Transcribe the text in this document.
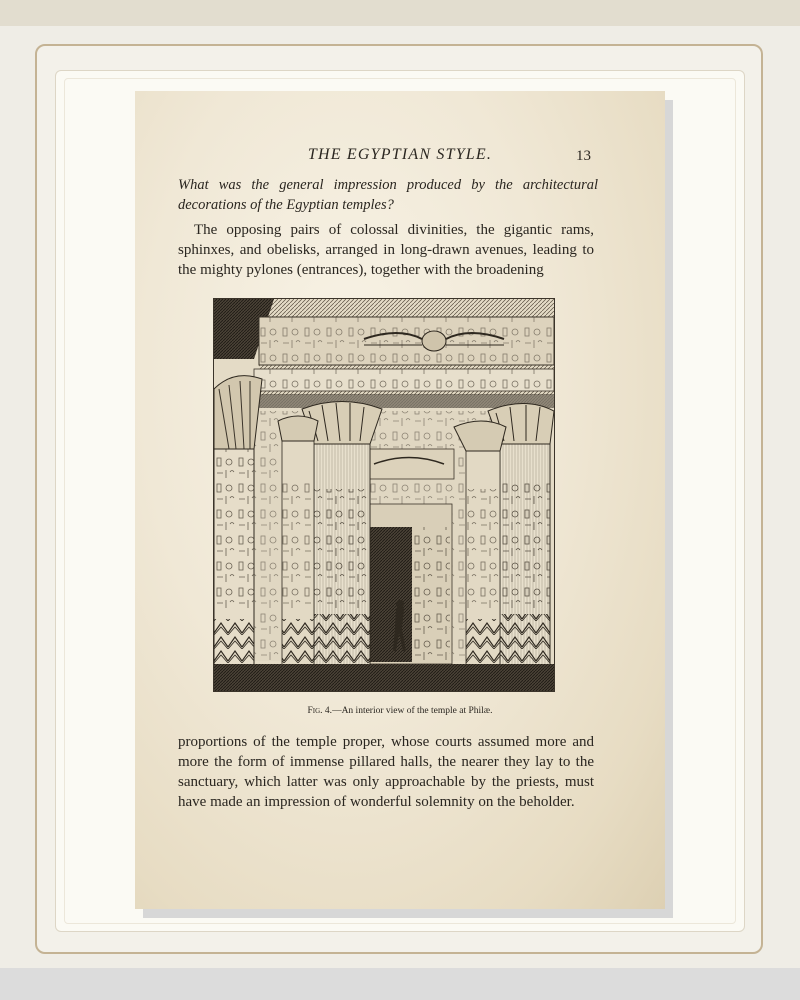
THE EGYPTIAN STYLE.	13
What was the general impression produced by the architectural decorations of the Egyptian temples?
The opposing pairs of colossal divinities, the gigantic rams, sphinxes, and obelisks, arranged in long-drawn avenues, leading to the mighty pylones (entrances), together with the broadening
Fig. 4.—An interior view of the temple at Philæ.
proportions of the temple proper, whose courts assumed more and more the form of immense pillared halls, the nearer they lay to the sanctuary, which latter was only approachable by the priests, must have made an impression of wonderful solemnity on the beholder.
